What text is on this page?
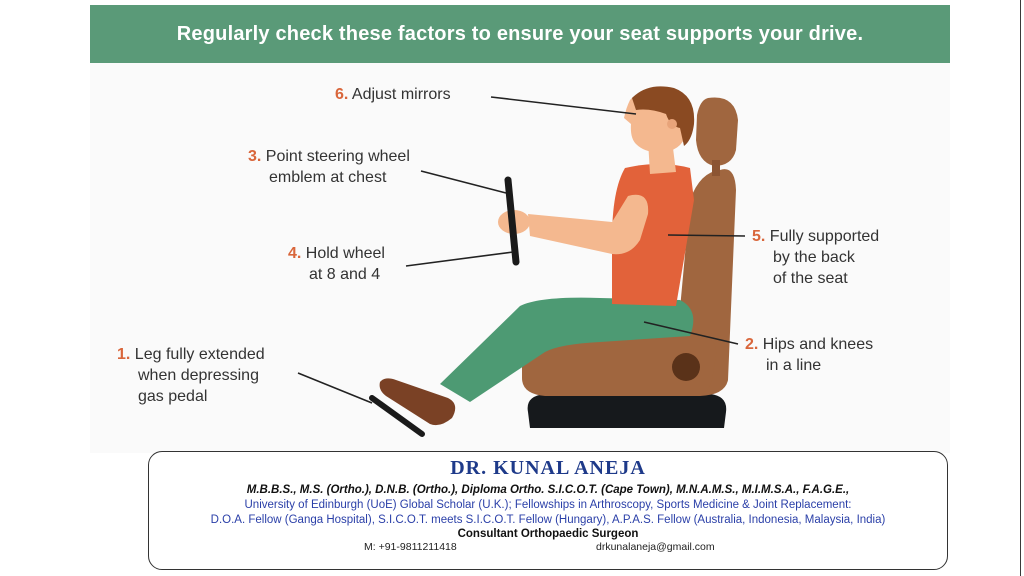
Regularly check these factors to ensure your seat supports your drive.
6. Adjust mirrors
3. Point steering wheel
emblem at chest
4. Hold wheel
at 8 and 4
5. Fully supported
by the back
of the seat
2. Hips and knees
in a line
1. Leg fully extended
when depressing
gas pedal
DR. KUNAL ANEJA
M.B.B.S., M.S. (Ortho.), D.N.B. (Ortho.), Diploma Ortho. S.I.C.O.T. (Cape Town), M.N.A.M.S., M.I.M.S.A., F.A.G.E.,
University of Edinburgh (UoE) Global Scholar (U.K.); Fellowships in Arthroscopy, Sports Medicine & Joint Replacement:
D.O.A. Fellow (Ganga Hospital), S.I.C.O.T. meets S.I.C.O.T. Fellow (Hungary), A.P.A.S. Fellow (Australia, Indonesia, Malaysia, India)
Consultant Orthopaedic Surgeon
M: +91-9811211418	drkunalaneja@gmail.com
